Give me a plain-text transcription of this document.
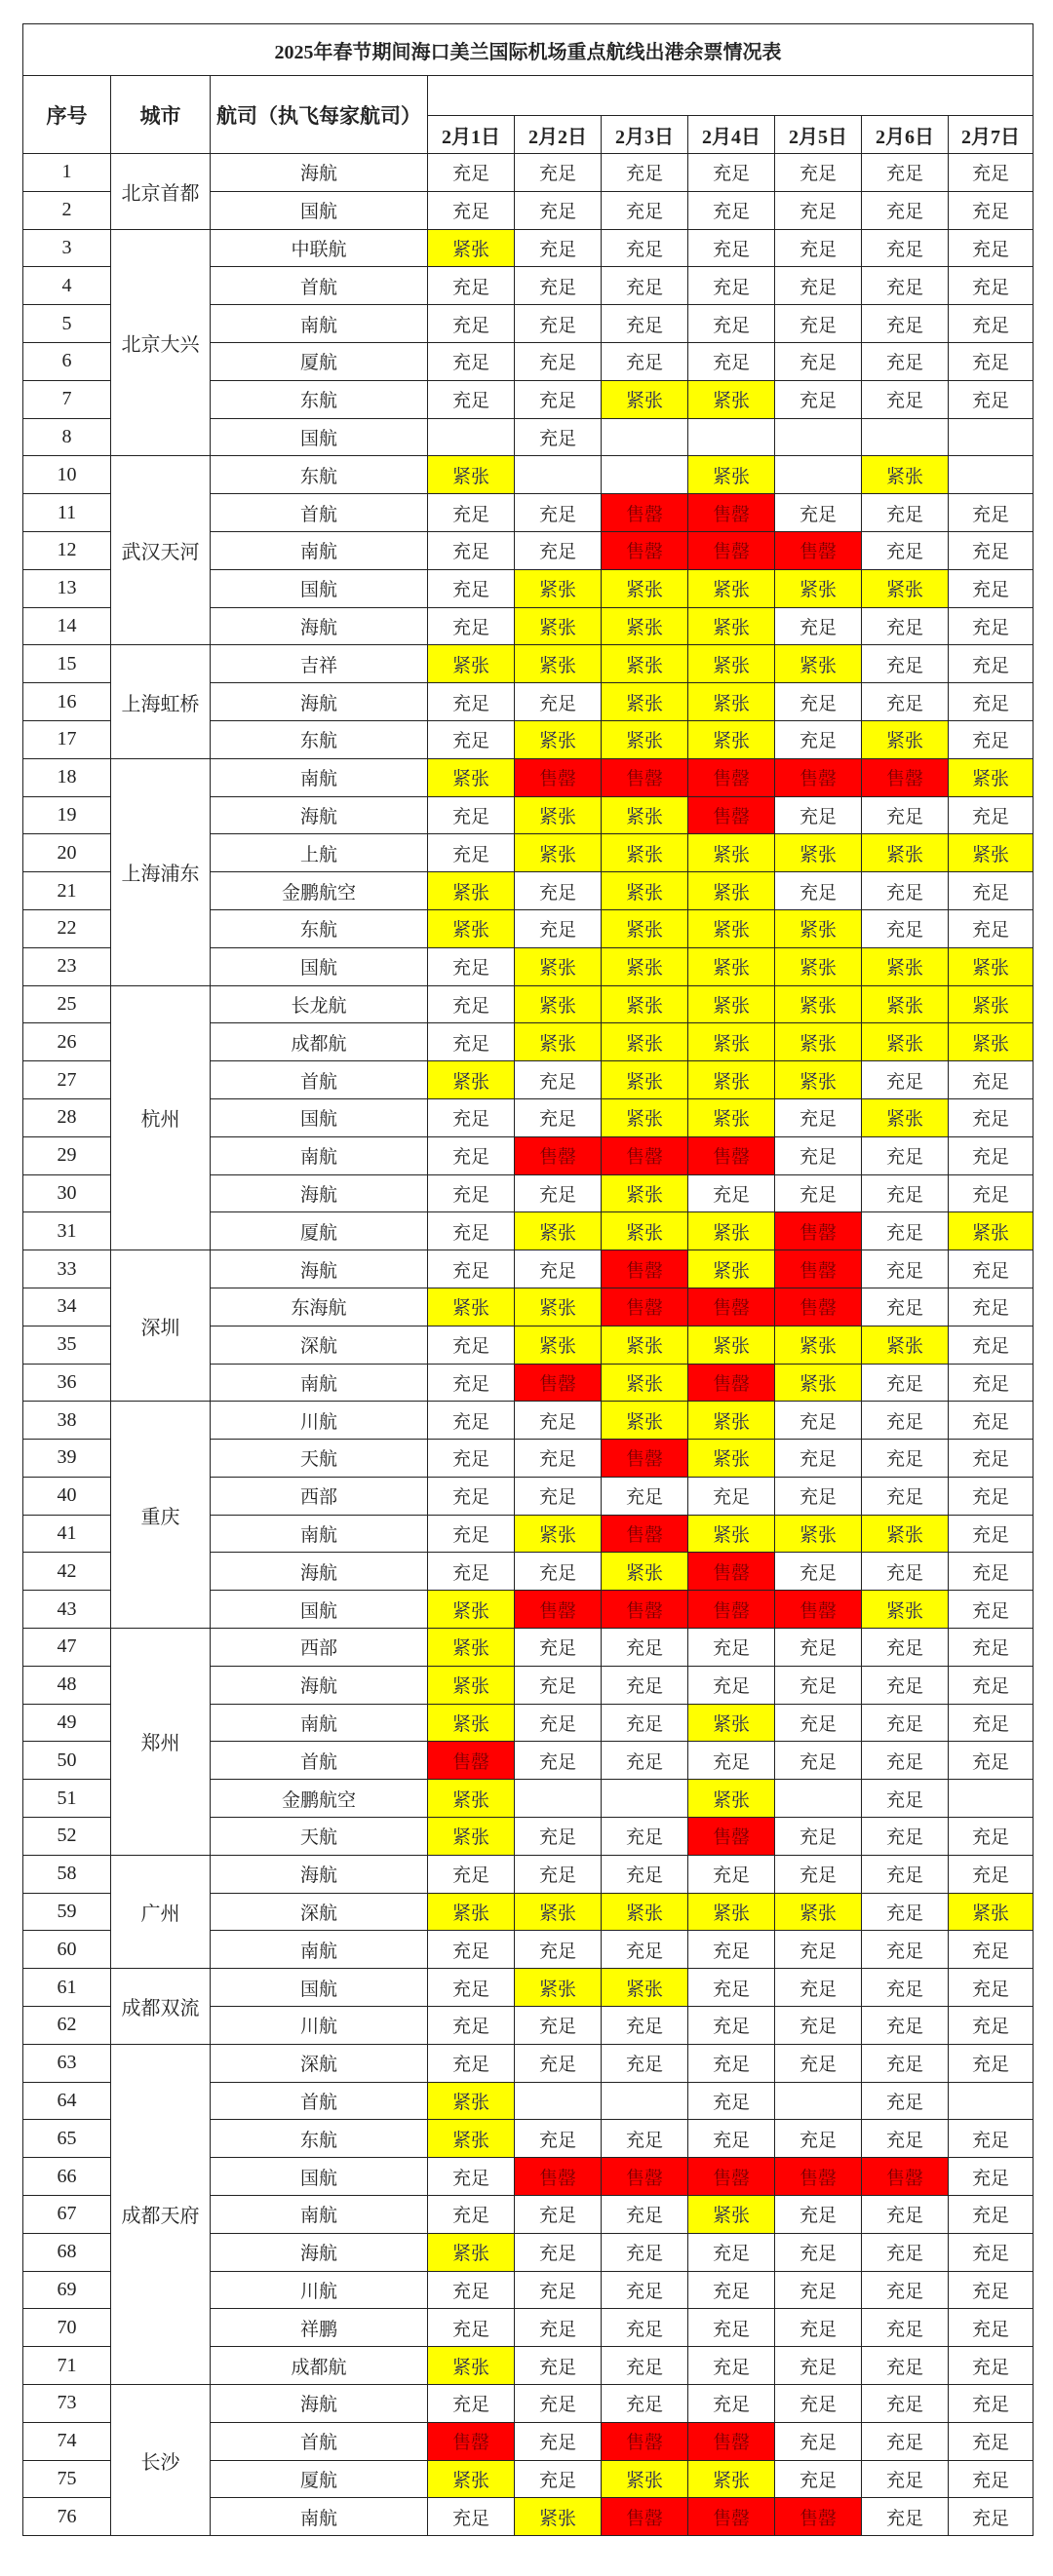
2025年春节期间海口美兰国际机场重点航线出港余票情况表									
序号	城市	航司（执飞每家航司）							
			2月1日	2月2日	2月3日	2月4日	2月5日	2月6日	2月7日
1	北京首都	海航	充足	充足	充足	充足	充足	充足	充足
2		国航	充足	充足	充足	充足	充足	充足	充足
3	北京大兴	中联航	紧张	充足	充足	充足	充足	充足	充足
4		首航	充足	充足	充足	充足	充足	充足	充足
5		南航	充足	充足	充足	充足	充足	充足	充足
6		厦航	充足	充足	充足	充足	充足	充足	充足
7		东航	充足	充足	紧张	紧张	充足	充足	充足
8		国航		充足					
10	武汉天河	东航	紧张			紧张		紧张	
11		首航	充足	充足	售罄	售罄	充足	充足	充足
12		南航	充足	充足	售罄	售罄	售罄	充足	充足
13		国航	充足	紧张	紧张	紧张	紧张	紧张	充足
14		海航	充足	紧张	紧张	紧张	充足	充足	充足
15	上海虹桥	吉祥	紧张	紧张	紧张	紧张	紧张	充足	充足
16		海航	充足	充足	紧张	紧张	充足	充足	充足
17		东航	充足	紧张	紧张	紧张	充足	紧张	充足
18	上海浦东	南航	紧张	售罄	售罄	售罄	售罄	售罄	紧张
19		海航	充足	紧张	紧张	售罄	充足	充足	充足
20		上航	充足	紧张	紧张	紧张	紧张	紧张	紧张
21		金鹏航空	紧张	充足	紧张	紧张	充足	充足	充足
22		东航	紧张	充足	紧张	紧张	紧张	充足	充足
23		国航	充足	紧张	紧张	紧张	紧张	紧张	紧张
25	杭州	长龙航	充足	紧张	紧张	紧张	紧张	紧张	紧张
26		成都航	充足	紧张	紧张	紧张	紧张	紧张	紧张
27		首航	紧张	充足	紧张	紧张	紧张	充足	充足
28		国航	充足	充足	紧张	紧张	充足	紧张	充足
29		南航	充足	售罄	售罄	售罄	充足	充足	充足
30		海航	充足	充足	紧张	充足	充足	充足	充足
31		厦航	充足	紧张	紧张	紧张	售罄	充足	紧张
33	深圳	海航	充足	充足	售罄	紧张	售罄	充足	充足
34		东海航	紧张	紧张	售罄	售罄	售罄	充足	充足
35		深航	充足	紧张	紧张	紧张	紧张	紧张	充足
36		南航	充足	售罄	紧张	售罄	紧张	充足	充足
38	重庆	川航	充足	充足	紧张	紧张	充足	充足	充足
39		天航	充足	充足	售罄	紧张	充足	充足	充足
40		西部	充足	充足	充足	充足	充足	充足	充足
41		南航	充足	紧张	售罄	紧张	紧张	紧张	充足
42		海航	充足	充足	紧张	售罄	充足	充足	充足
43		国航	紧张	售罄	售罄	售罄	售罄	紧张	充足
47	郑州	西部	紧张	充足	充足	充足	充足	充足	充足
48		海航	紧张	充足	充足	充足	充足	充足	充足
49		南航	紧张	充足	充足	紧张	充足	充足	充足
50		首航	售罄	充足	充足	充足	充足	充足	充足
51		金鹏航空	紧张			紧张		充足	
52		天航	紧张	充足	充足	售罄	充足	充足	充足
58	广州	海航	充足	充足	充足	充足	充足	充足	充足
59		深航	紧张	紧张	紧张	紧张	紧张	充足	紧张
60		南航	充足	充足	充足	充足	充足	充足	充足
61	成都双流	国航	充足	紧张	紧张	充足	充足	充足	充足
62		川航	充足	充足	充足	充足	充足	充足	充足
63	成都天府	深航	充足	充足	充足	充足	充足	充足	充足
64		首航	紧张			充足		充足	
65		东航	紧张	充足	充足	充足	充足	充足	充足
66		国航	充足	售罄	售罄	售罄	售罄	售罄	充足
67		南航	充足	充足	充足	紧张	充足	充足	充足
68		海航	紧张	充足	充足	充足	充足	充足	充足
69		川航	充足	充足	充足	充足	充足	充足	充足
70		祥鹏	充足	充足	充足	充足	充足	充足	充足
71		成都航	紧张	充足	充足	充足	充足	充足	充足
73	长沙	海航	充足	充足	充足	充足	充足	充足	充足
74		首航	售罄	充足	售罄	售罄	充足	充足	充足
75		厦航	紧张	充足	紧张	紧张	充足	充足	充足
76		南航	充足	紧张	售罄	售罄	售罄	充足	充足
